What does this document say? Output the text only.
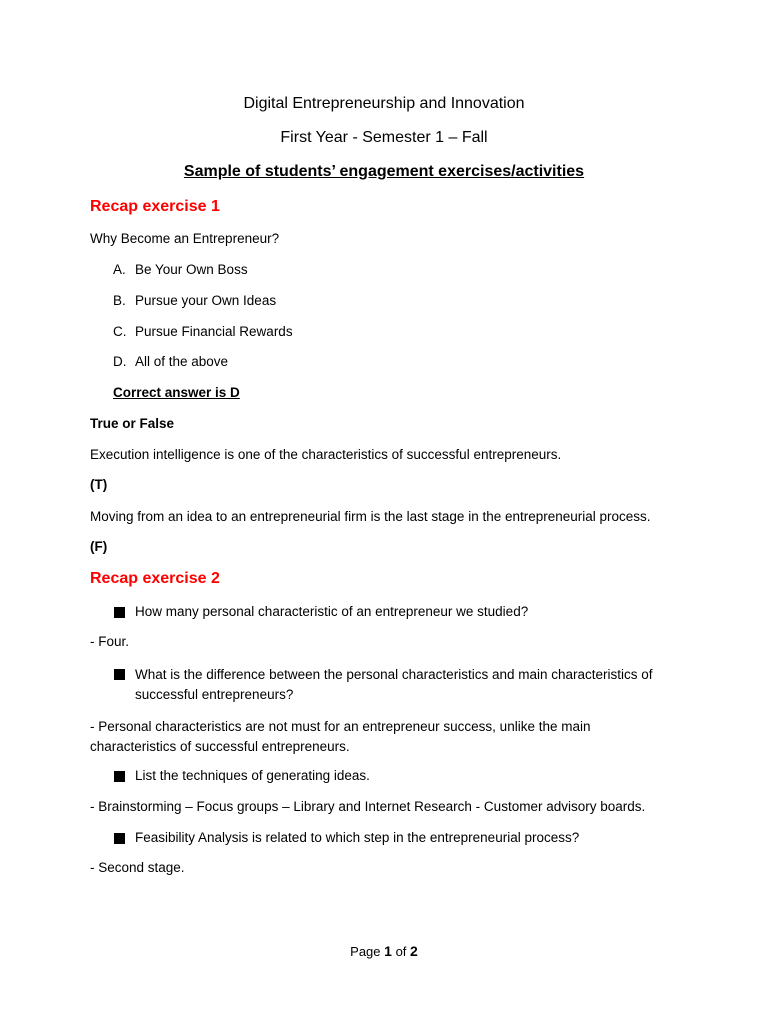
Digital Entrepreneurship and Innovation
First Year - Semester 1 – Fall
Sample of students’ engagement exercises/activities
Recap exercise 1
Why Become an Entrepreneur?
A. Be Your Own Boss
B. Pursue your Own Ideas
C. Pursue Financial Rewards
D. All of the above
Correct answer is D
True or False
Execution intelligence is one of the characteristics of successful entrepreneurs.
(T)
Moving from an idea to an entrepreneurial firm is the last stage in the entrepreneurial process.
(F)
Recap exercise 2
How many personal characteristic of an entrepreneur we studied?
- Four.
What is the difference between the personal characteristics and main characteristics of successful entrepreneurs?
- Personal characteristics are not must for an entrepreneur success, unlike the main characteristics of successful entrepreneurs.
List the techniques of generating ideas.
- Brainstorming – Focus groups – Library and Internet Research - Customer advisory boards.
Feasibility Analysis is related to which step in the entrepreneurial process?
- Second stage.
Page 1 of 2
